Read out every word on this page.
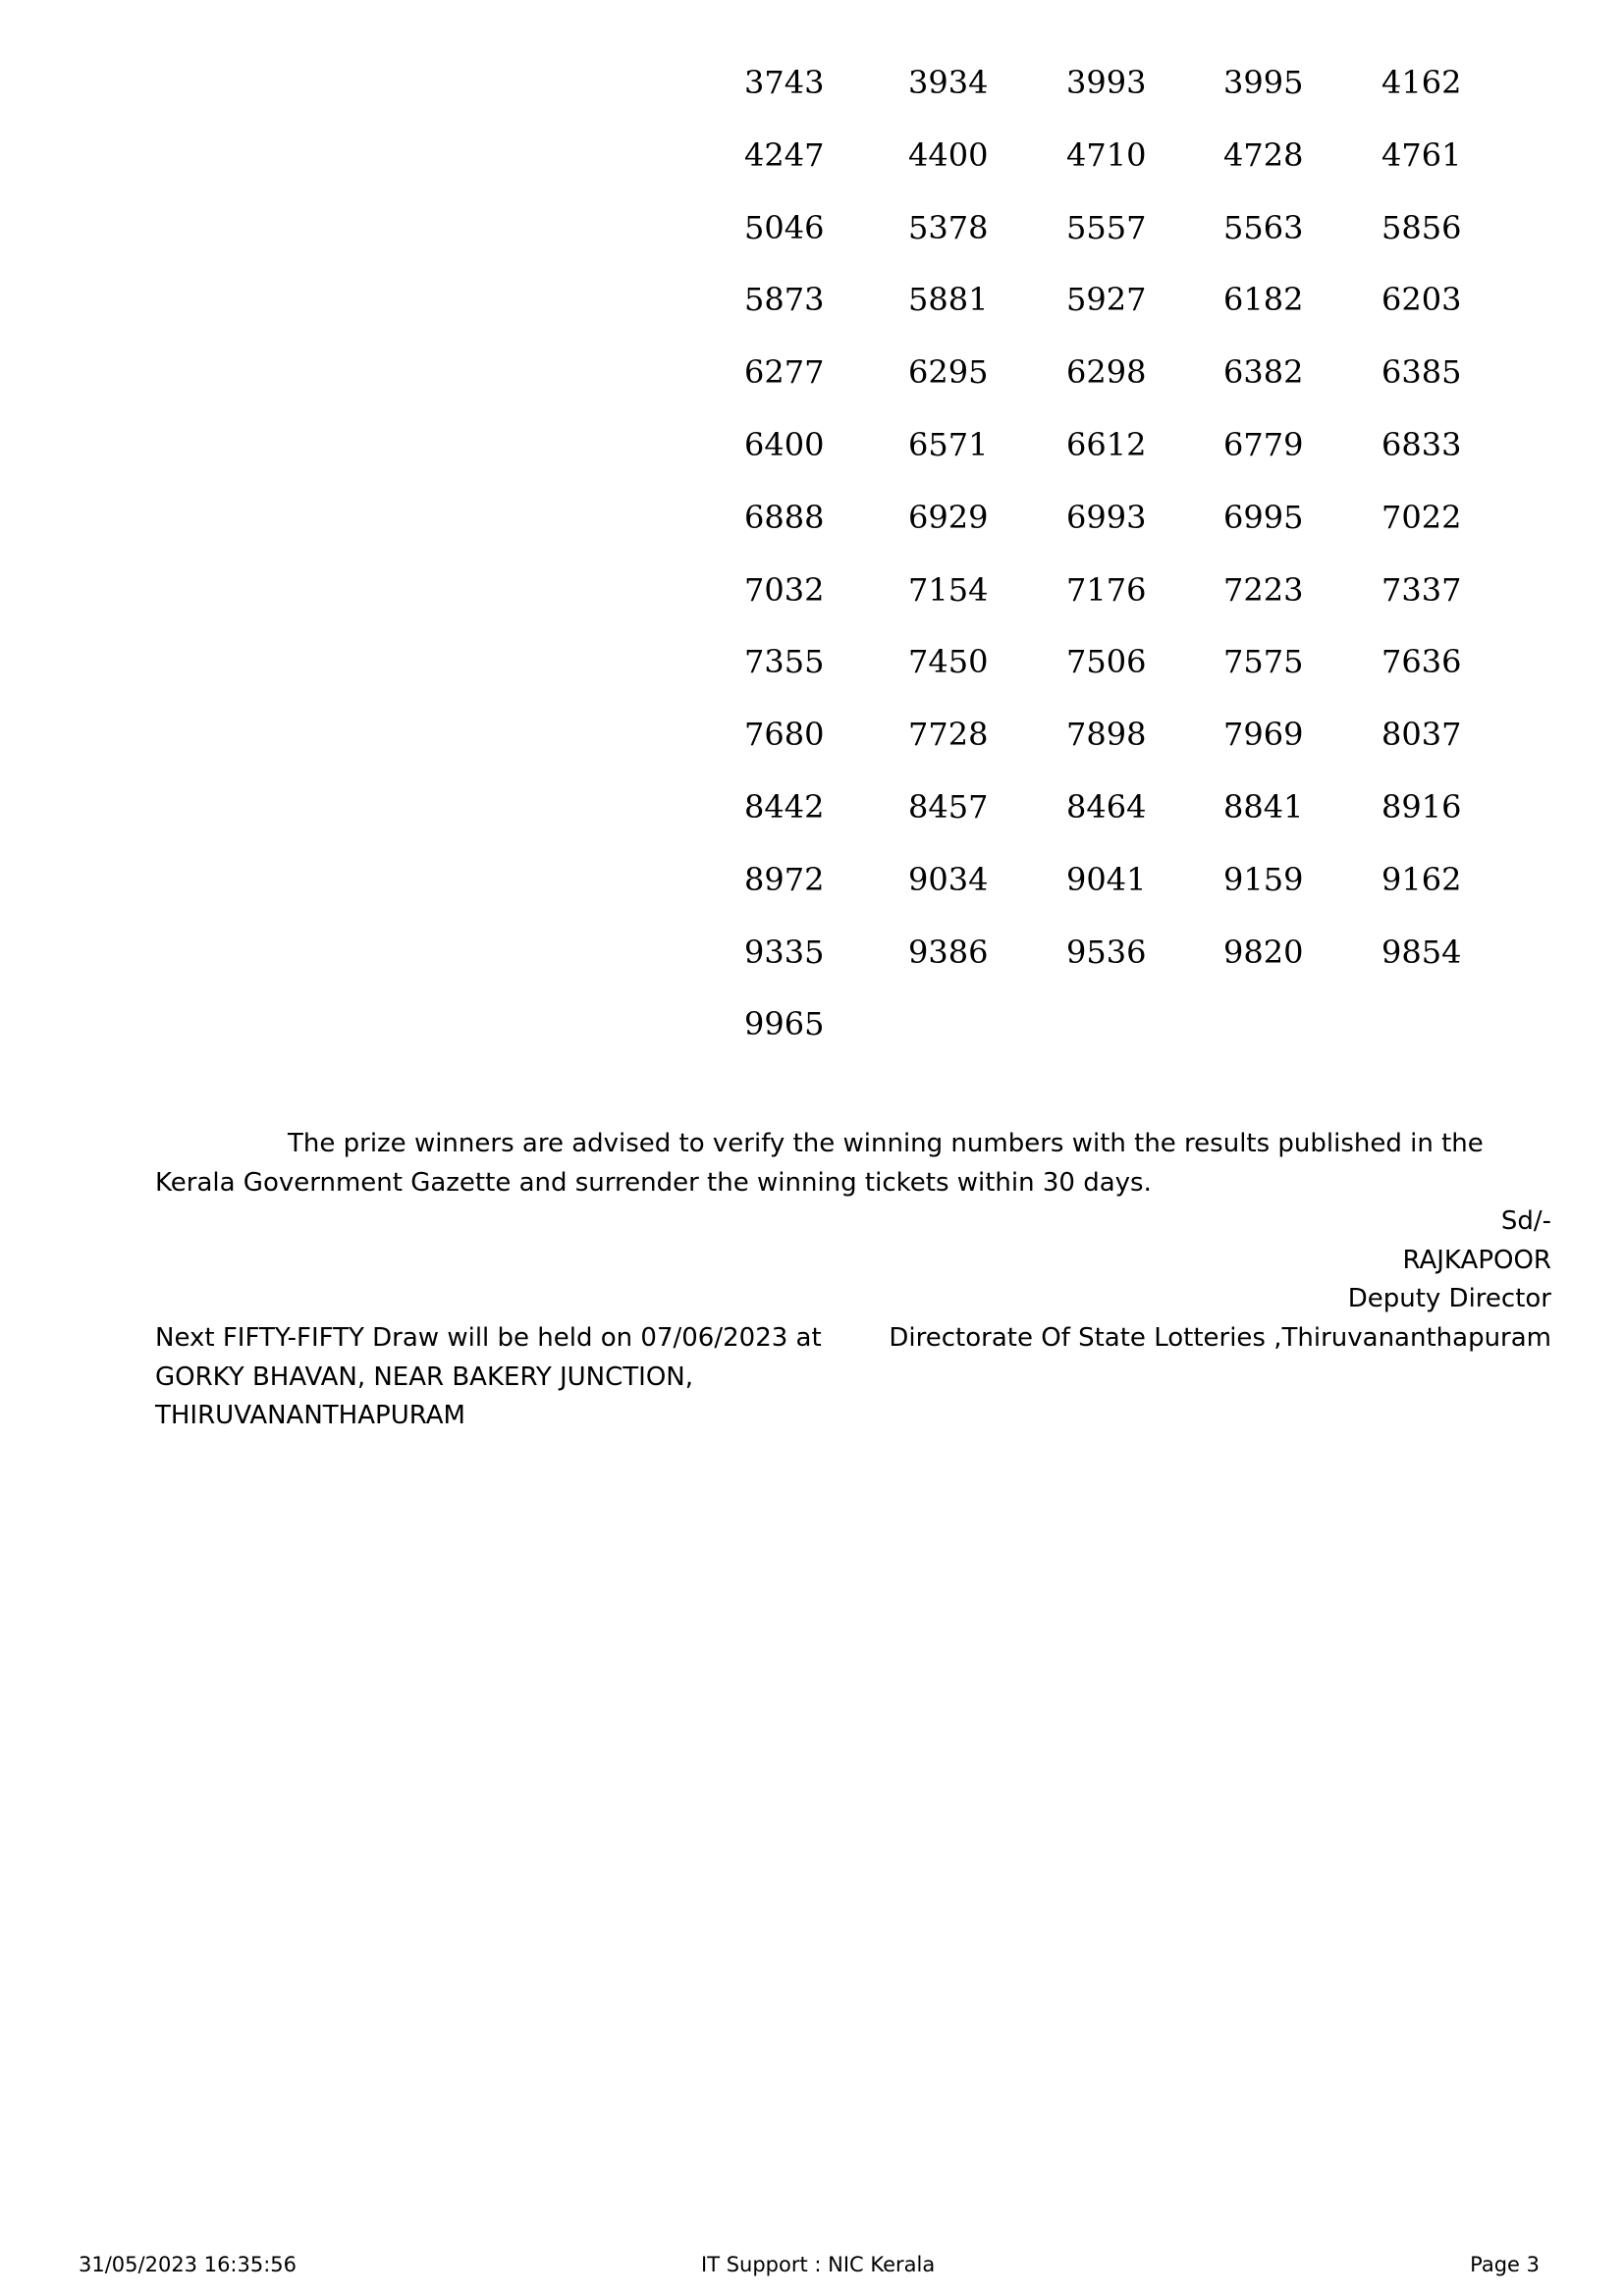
3743	3934 3993 3995 4162
4247	4400 4710 4728 4761
5046	5378 5557 5563 5856
5873	5881 5927 6182 6203
6277	6295 6298 6382 6385
6400	6571 6612 6779 6833
6888	6929 6993 6995 7022
7032	7154 7176 7223 7337
7355	7450 7506 7575 7636
7680	7728 7898 7969 8037
8442	8457 8464 8841 8916
8972	9034 9041 9159 9162
9335	9386 9536 9820 9854
9965

The prize winners are advised to verify the winning numbers with the results published in the Kerala Government Gazette and surrender the winning tickets within 30 days.

Sd/-
RAJKAPOOR
Deputy Director
Directorate Of State Lotteries ,Thiruvananthapuram
Next FIFTY-FIFTY Draw will be held on 07/06/2023 at
GORKY BHAVAN, NEAR BAKERY JUNCTION,
THIRUVANANTHAPURAM
31/05/2023 16:35:56	IT Support : NIC Kerala	Page 3
